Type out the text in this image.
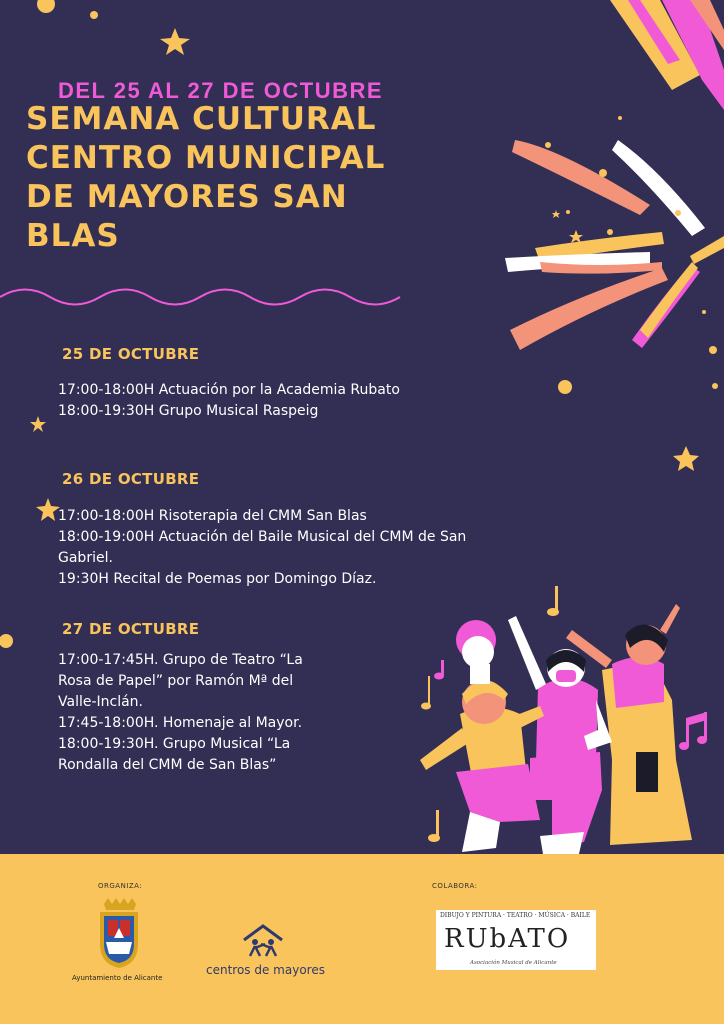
DEL 25 AL 27 DE OCTUBRE
SEMANA CULTURAL
CENTRO MUNICIPAL
DE MAYORES SAN
BLAS
25 DE OCTUBRE
17:00-18:00H Actuación por la Academia Rubato
18:00-19:30H Grupo Musical Raspeig
26 DE OCTUBRE
17:00-18:00H Risoterapia del CMM San Blas
18:00-19:00H Actuación del Baile Musical del CMM de San
Gabriel.
19:30H Recital de Poemas por Domingo Díaz.
27 DE OCTUBRE
17:00-17:45H. Grupo de Teatro “La
Rosa de Papel” por Ramón Mª del
Valle-Inclán.
17:45-18:00H. Homenaje al Mayor.
18:00-19:30H. Grupo Musical “La
Rondalla del CMM de San Blas”
ORGANIZA:	COLABORA:
Ayuntamiento de Alicante
centros de mayores
DIBUJO Y PINTURA · TEATRO · MÚSICA · BAILE
RUbATO
Asociación Musical de Alicante
